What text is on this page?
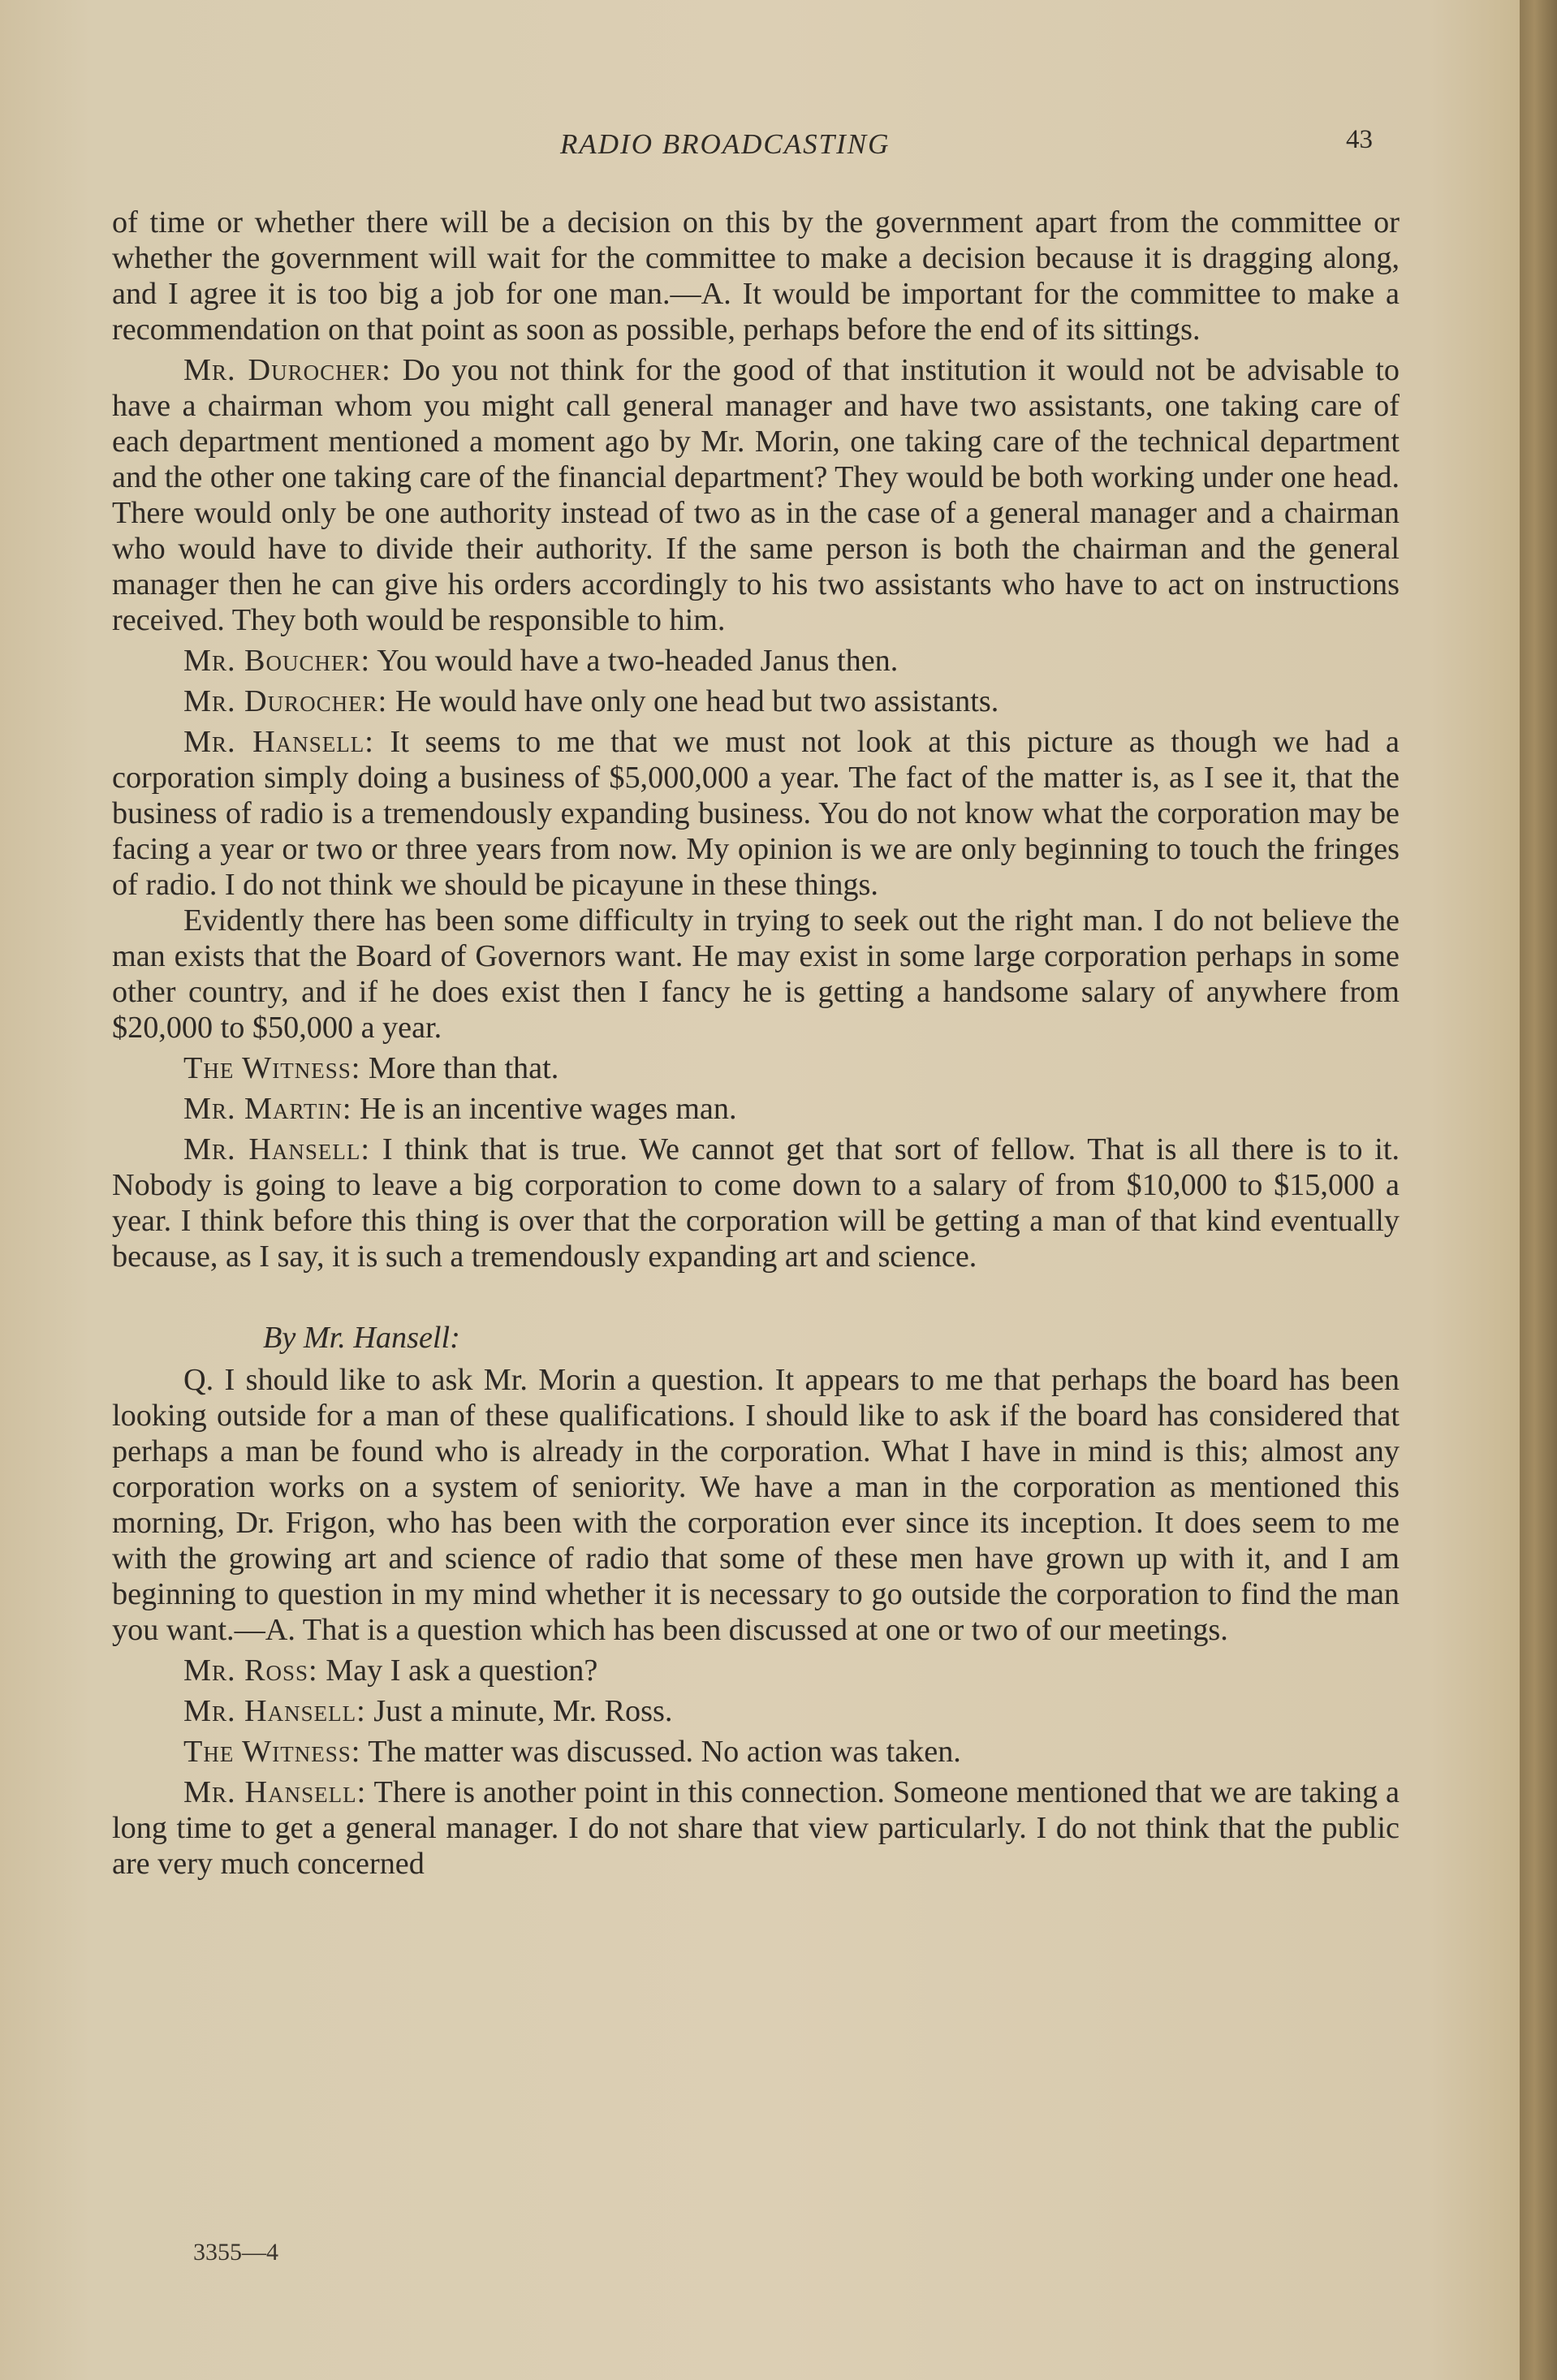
RADIO BROADCASTING	43

of time or whether there will be a decision on this by the government apart from the committee or whether the government will wait for the committee to make a decision because it is dragging along, and I agree it is too big a job for one man.—A. It would be important for the committee to make a recommendation on that point as soon as possible, perhaps before the end of its sittings.

Mr. Durocher: Do you not think for the good of that institution it would not be advisable to have a chairman whom you might call general manager and have two assistants, one taking care of each department mentioned a moment ago by Mr. Morin, one taking care of the technical department and the other one taking care of the financial department? They would be both working under one head. There would only be one authority instead of two as in the case of a general manager and a chairman who would have to divide their authority. If the same person is both the chairman and the general manager then he can give his orders accordingly to his two assistants who have to act on instructions received. They both would be responsible to him.

Mr. Boucher: You would have a two-headed Janus then.

Mr. Durocher: He would have only one head but two assistants.

Mr. Hansell: It seems to me that we must not look at this picture as though we had a corporation simply doing a business of $5,000,000 a year. The fact of the matter is, as I see it, that the business of radio is a tremendously expanding business. You do not know what the corporation may be facing a year or two or three years from now. My opinion is we are only beginning to touch the fringes of radio. I do not think we should be picayune in these things.

Evidently there has been some difficulty in trying to seek out the right man. I do not believe the man exists that the Board of Governors want. He may exist in some large corporation perhaps in some other country, and if he does exist then I fancy he is getting a handsome salary of anywhere from $20,000 to $50,000 a year.

The Witness: More than that.

Mr. Martin: He is an incentive wages man.

Mr. Hansell: I think that is true. We cannot get that sort of fellow. That is all there is to it. Nobody is going to leave a big corporation to come down to a salary of from $10,000 to $15,000 a year. I think before this thing is over that the corporation will be getting a man of that kind eventually because, as I say, it is such a tremendously expanding art and science.

By Mr. Hansell:

Q. I should like to ask Mr. Morin a question. It appears to me that perhaps the board has been looking outside for a man of these qualifications. I should like to ask if the board has considered that perhaps a man be found who is already in the corporation. What I have in mind is this; almost any corporation works on a system of seniority. We have a man in the corporation as mentioned this morning, Dr. Frigon, who has been with the corporation ever since its inception. It does seem to me with the growing art and science of radio that some of these men have grown up with it, and I am beginning to question in my mind whether it is necessary to go outside the corporation to find the man you want.—A. That is a question which has been discussed at one or two of our meetings.

Mr. Ross: May I ask a question?

Mr. Hansell: Just a minute, Mr. Ross.

The Witness: The matter was discussed. No action was taken.

Mr. Hansell: There is another point in this connection. Someone mentioned that we are taking a long time to get a general manager. I do not share that view particularly. I do not think that the public are very much concerned

3355—4
